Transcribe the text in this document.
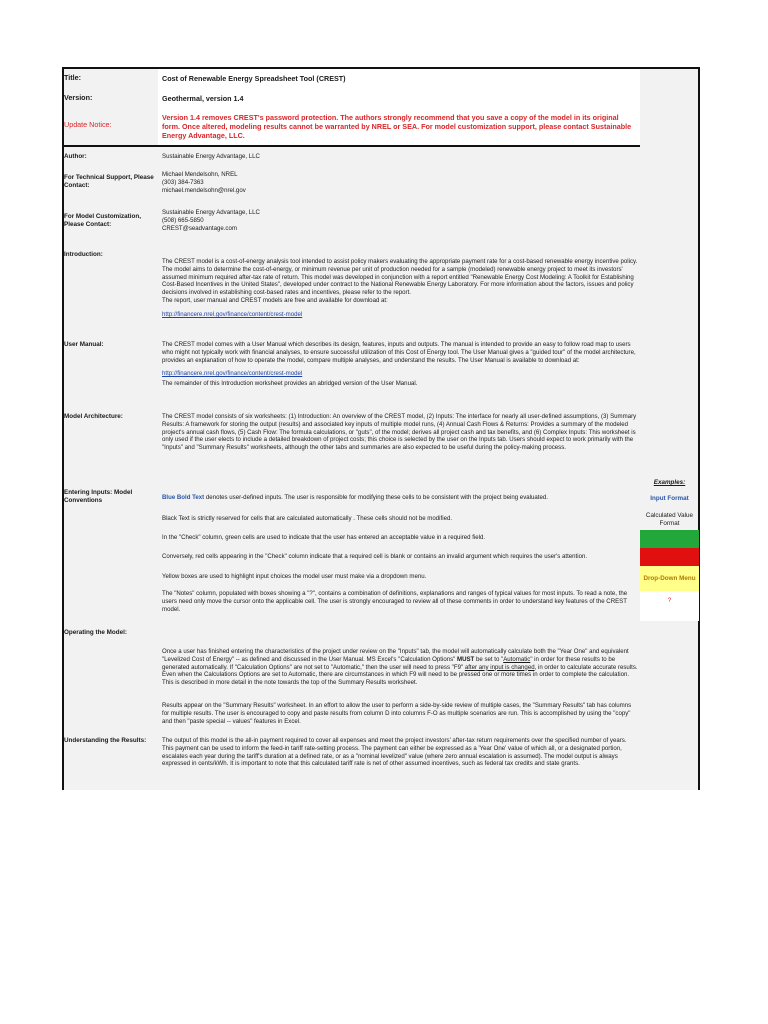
Title:	Cost of Renewable Energy Spreadsheet Tool (CREST)
Version:	Geothermal, version 1.4
Update Notice:
Version 1.4 removes CREST's password protection. The authors strongly recommend that you save a copy of the model in its original form. Once altered, modeling results cannot be warranted by NREL or SEA. For model customization support, please contact Sustainable Energy Advantage, LLC.
Author:	Sustainable Energy Advantage, LLC
For Technical Support, Please Contact:
Michael Mendelsohn, NREL
(303) 384-7363
michael.mendelsohn@nrel.gov
For Model Customization, Please Contact:
Sustainable Energy Advantage, LLC
(508) 665-5850
CREST@seadvantage.com
Introduction:
The CREST model is a cost-of-energy analysis tool intended to assist policy makers evaluating the appropriate payment rate for a cost-based renewable energy incentive policy. The model aims to determine the cost-of-energy, or minimum revenue per unit of production needed for a sample (modeled) renewable energy project to meet its investors' assumed minimum required after-tax rate of return. This model was developed in conjunction with a report entitled "Renewable Energy Cost Modeling: A Toolkit for Establishing Cost-Based Incentives in the United States", developed under contract to the National Renewable Energy Laboratory. For more information about the factors, issues and policy decisions involved in establishing cost-based rates and incentives, please refer to the report.
The report, user manual and CREST models are free and available for download at:
http://financere.nrel.gov/finance/content/crest-model
User Manual:	The CREST model comes with a User Manual which describes its design, features, inputs and outputs. The manual is intended to provide an easy to follow road map to users who might not typically work with financial analyses, to ensure successful utilization of this Cost of Energy tool. The User Manual gives a "guided tour" of the model architecture, provides an explanation of how to operate the model, compare multiple analyses, and understand the results. The User Manual is available to download at:
http://financere.nrel.gov/finance/content/crest-model
The remainder of this Introduction worksheet provides an abridged version of the User Manual.
Model Architecture:	The CREST model consists of six worksheets: (1) Introduction: An overview of the CREST model, (2) Inputs: The interface for nearly all user-defined assumptions, (3) Summary Results: A framework for storing the output (results) and associated key inputs of multiple model runs, (4) Annual Cash Flows & Returns: Provides a summary of the modeled project's annual cash flows, (5) Cash Flow: The formula calculations, or "guts", of the model; derives all project cash and tax benefits, and (6) Complex Inputs: This worksheet is only used if the user elects to include a detailed breakdown of project costs; this choice is selected by the user on the Inputs tab. Users should expect to work primarily with the "Inputs" and "Summary Results" worksheets, although the other tabs and summaries are also expected to be useful during the policy-making process.
Examples:
Input Format
Calculated Value Format
Drop-Down Menu
?
Entering Inputs: Model Conventions	Blue Bold Text denotes user-defined inputs. The user is responsible for modifying these cells to be consistent with the project being evaluated.
Black Text is strictly reserved for cells that are calculated automatically . These cells should not be modified.
In the "Check" column, green cells are used to indicate that the user has entered an acceptable value in a required field.
Conversely, red cells appearing in the "Check" column indicate that a required cell is blank or contains an invalid argument which requires the user's attention.
Yellow boxes are used to highlight input choices the model user must make via a dropdown menu.
The "Notes" column, populated with boxes showing a "?", contains a combination of definitions, explanations and ranges of typical values for most inputs. To read a note, the users need only move the cursor onto the applicable cell. The user is strongly encouraged to review all of these comments in order to understand key features of the CREST model.
Operating the Model:
Once a user has finished entering the characteristics of the project under review on the "Inputs" tab, the model will automatically calculate both the "Year One" and equivalent "Levelized Cost of Energy" -- as defined and discussed in the User Manual. MS Excel's "Calculation Options" MUST be set to "Automatic" in order for these results to be generated automatically. If "Calculation Options" are not set to "Automatic," then the user will need to press "F9" after any input is changed, in order to calculate accurate results. Even when the Calculations Options are set to Automatic, there are circumstances in which F9 will need to be pressed one or more times in order to complete the calculation. This is described in more detail in the note towards the top of the Summary Results worksheet.
Results appear on the "Summary Results" worksheet. In an effort to allow the user to perform a side-by-side review of multiple cases, the "Summary Results" tab has columns for multiple results. The user is encouraged to copy and paste results from column D into columns F-O as multiple scenarios are run. This is accomplished by using the "copy" and then "paste special -- values" features in Excel.
Understanding the Results:	The output of this model is the all-in payment required to cover all expenses and meet the project investors' after-tax return requirements over the specified number of years. This payment can be used to inform the feed-in tariff rate-setting process. The payment can either be expressed as a 'Year One' value of which all, or a designated portion, escalates each year during the tariff's duration at a defined rate, or as a "nominal levelized" value (where zero annual escalation is assumed). The model output is always expressed in cents/kWh. It is important to note that this calculated tariff rate is net of other assumed incentives, such as federal tax credits and state grants.
